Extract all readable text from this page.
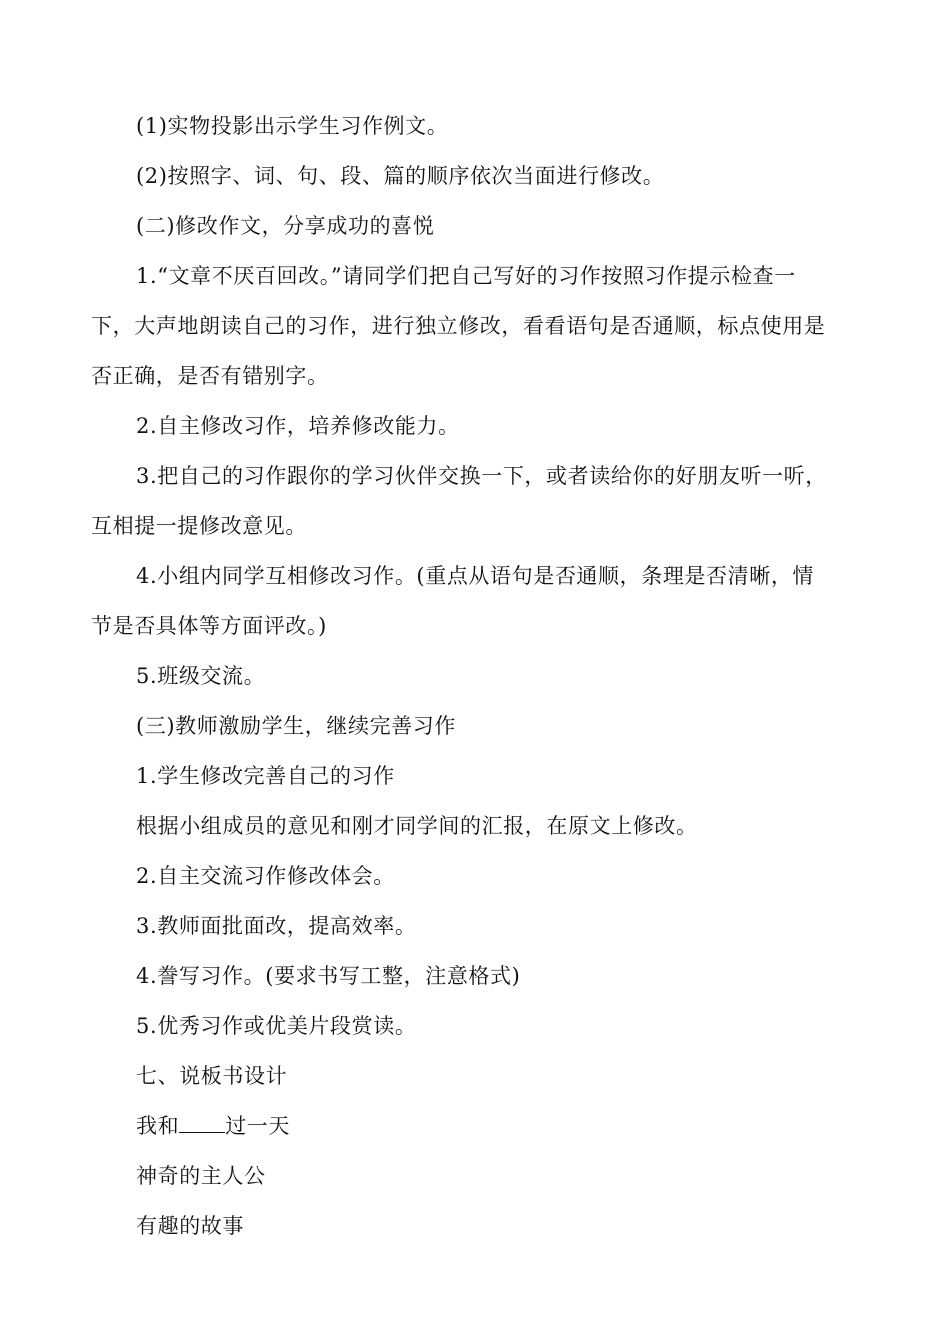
(1)实物投影出示学生习作例文。
(2)按照字、词、句、段、篇的顺序依次当面进行修改。
(二)修改作文，分享成功的喜悦
1.“文章不厌百回改。”请同学们把自己写好的习作按照习作提示检查一
下，大声地朗读自己的习作，进行独立修改，看看语句是否通顺，标点使用是
否正确，是否有错别字。
2.自主修改习作，培养修改能力。
3.把自己的习作跟你的学习伙伴交换一下，或者读给你的好朋友听一听，
互相提一提修改意见。
4.小组内同学互相修改习作。(重点从语句是否通顺，条理是否清晰，情
节是否具体等方面评改。)
5.班级交流。
(三)教师激励学生，继续完善习作
1.学生修改完善自己的习作
根据小组成员的意见和刚才同学间的汇报，在原文上修改。
2.自主交流习作修改体会。
3.教师面批面改，提高效率。
4.誊写习作。(要求书写工整，注意格式)
5.优秀习作或优美片段赏读。
七、说板书设计
我和 过一天
神奇的主人公
有趣的故事
